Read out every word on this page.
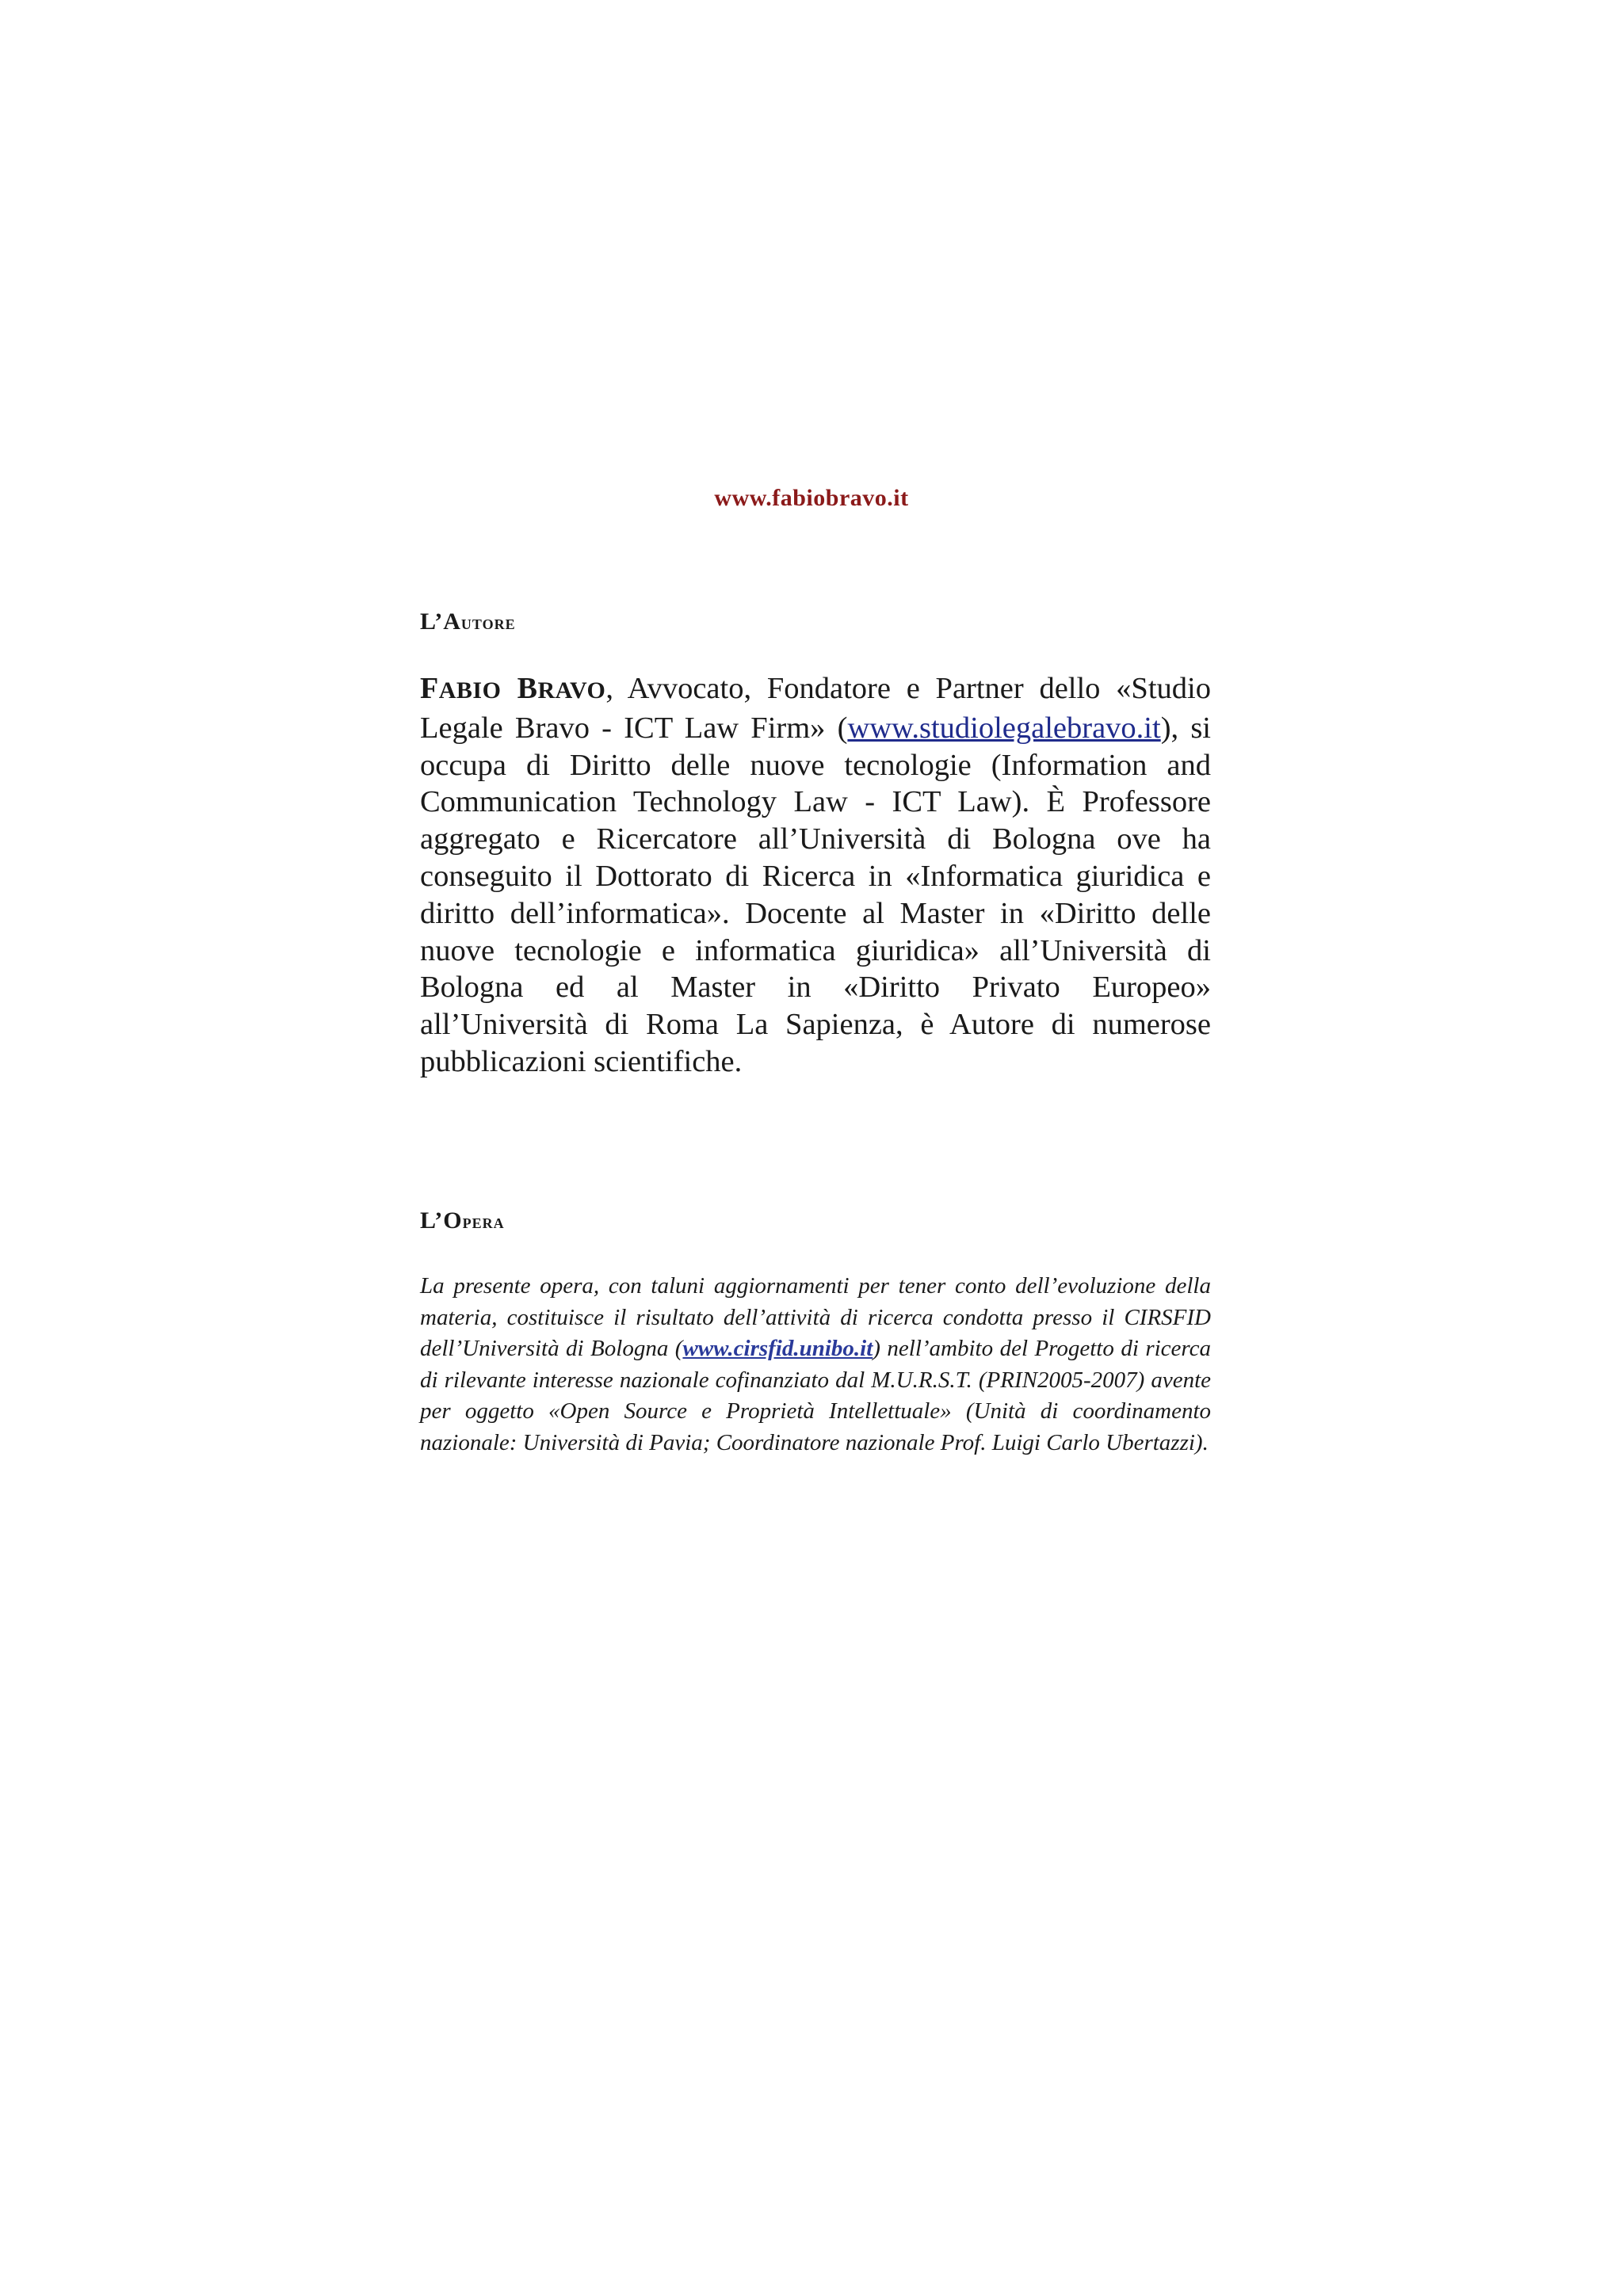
www.fabiobravo.it
L’Autore

FABIO BRAVO, Avvocato, Fondatore e Partner dello «Studio Legale Bravo - ICT Law Firm» (www.studiolegalebravo.it), si occupa di Diritto delle nuove tecnologie (Information and Communication Technology Law - ICT Law). È Professore aggregato e Ricercatore all’Università di Bologna ove ha conseguito il Dottorato di Ricerca in «Informatica giuridica e diritto dell’informatica». Docente al Master in «Diritto delle nuove tecnologie e informatica giuridica» all’Università di Bologna ed al Master in «Diritto Privato Europeo» all’Università di Roma La Sapienza, è Autore di numerose pubblicazioni scientifiche.

L’Opera

La presente opera, con taluni aggiornamenti per tener conto dell’evoluzione della materia, costituisce il risultato dell’attività di ricerca condotta presso il CIRSFID dell’Università di Bologna (www.cirsfid.unibo.it) nell’ambito del Progetto di ricerca di rilevante interesse nazionale cofinanziato dal M.U.R.S.T. (PRIN2005-2007) avente per oggetto «Open Source e Proprietà Intellettuale» (Unità di coordinamento nazionale: Università di Pavia; Coordinatore nazionale Prof. Luigi Carlo Ubertazzi).
